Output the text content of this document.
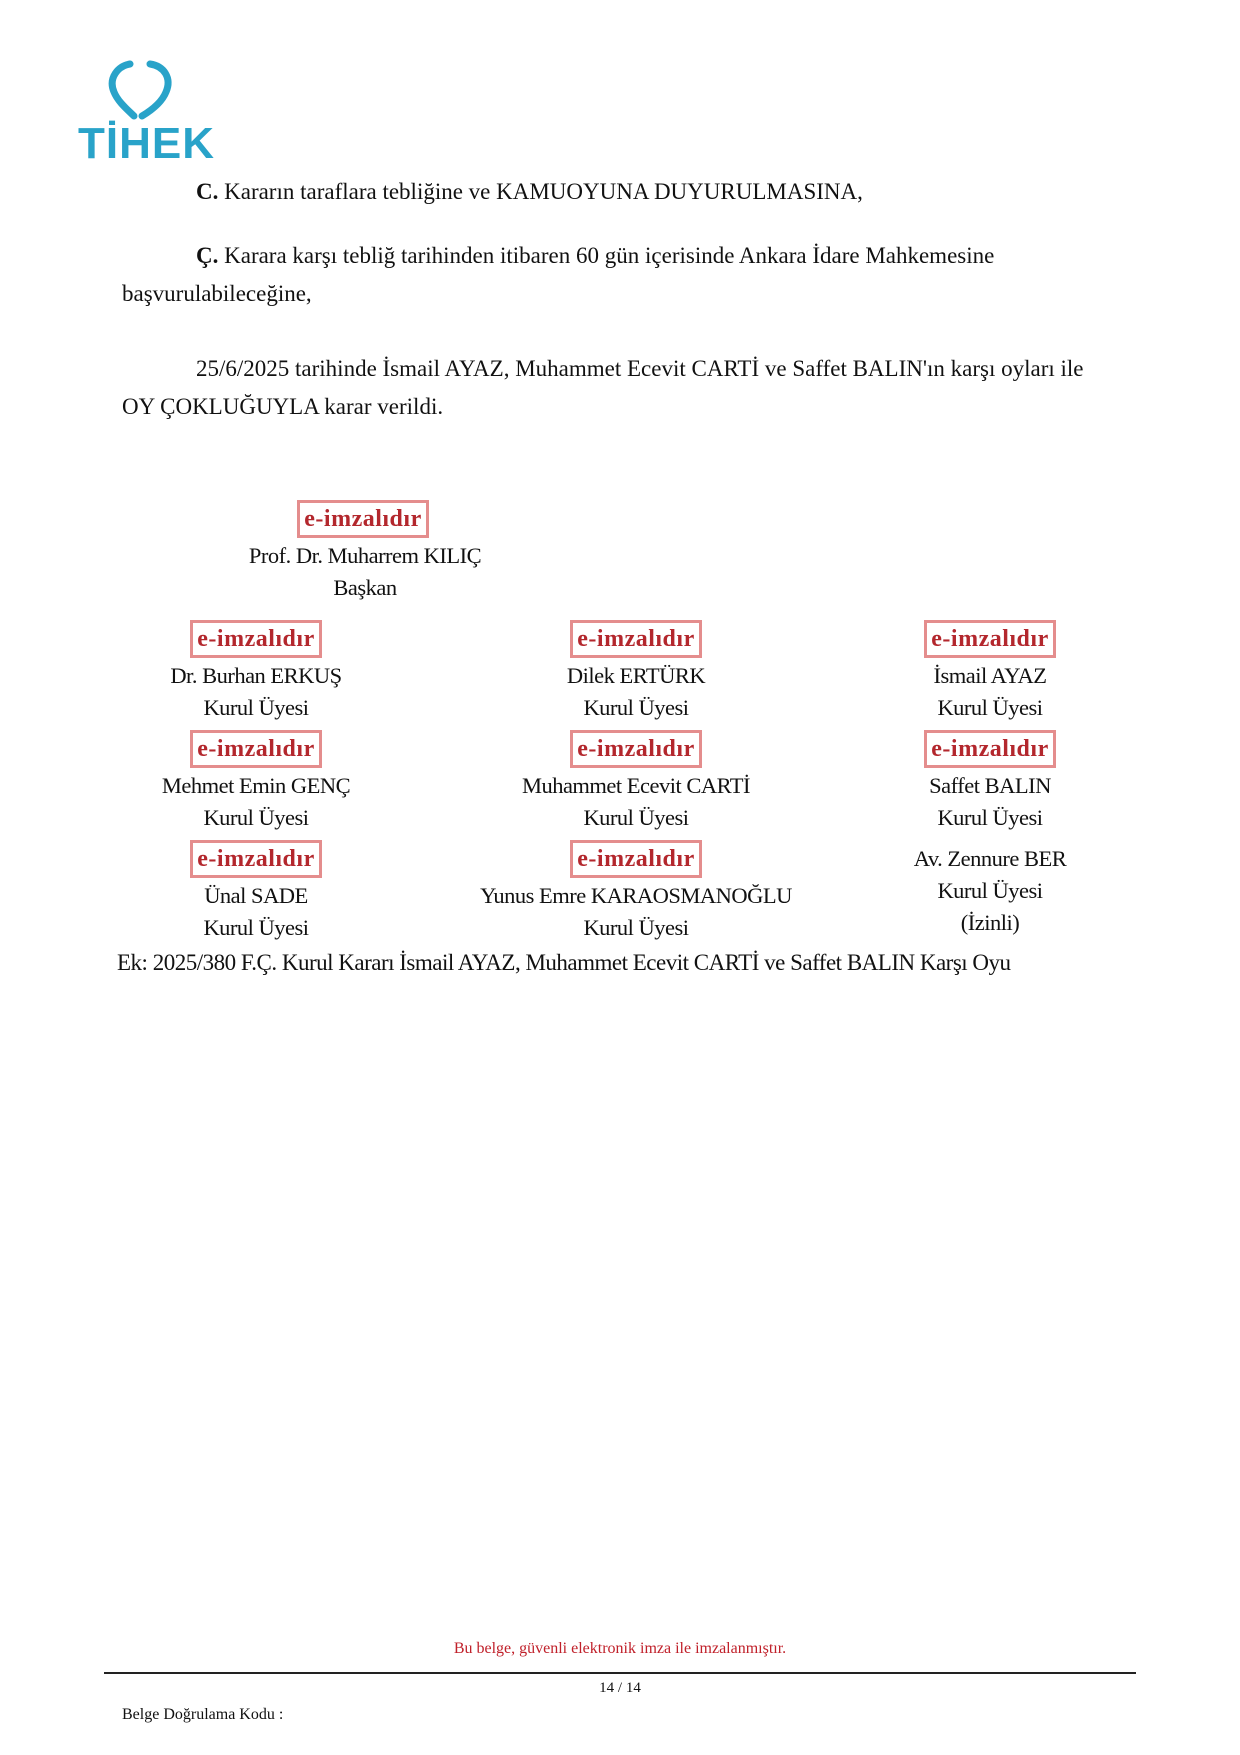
TİHEK
C. Kararın taraflara tebliğine ve KAMUOYUNA DUYURULMASINA,
Ç. Karara karşı tebliğ tarihinden itibaren 60 gün içerisinde Ankara İdare Mahkemesine
başvurulabileceğine,
25/6/2025 tarihinde İsmail AYAZ, Muhammet Ecevit CARTİ ve Saffet BALIN'ın karşı oyları ile
OY ÇOKLUĞUYLA karar verildi.
e-imzalıdır
Prof. Dr. Muharrem KILIÇ
Başkan
e-imzalıdır
Dr. Burhan ERKUŞ
Kurul Üyesi
e-imzalıdır
Dilek ERTÜRK
Kurul Üyesi
e-imzalıdır
İsmail AYAZ
Kurul Üyesi
e-imzalıdır
Mehmet Emin GENÇ
Kurul Üyesi
e-imzalıdır
Muhammet Ecevit CARTİ
Kurul Üyesi
e-imzalıdır
Saffet BALIN
Kurul Üyesi
e-imzalıdır
Ünal SADE
Kurul Üyesi
e-imzalıdır
Yunus Emre KARAOSMANOĞLU
Kurul Üyesi
Av. Zennure BER
Kurul Üyesi
(İzinli)
Ek: 2025/380 F.Ç. Kurul Kararı İsmail AYAZ, Muhammet Ecevit CARTİ ve Saffet BALIN Karşı Oyu
Bu belge, güvenli elektronik imza ile imzalanmıştır.
14 / 14
Belge Doğrulama Kodu :
